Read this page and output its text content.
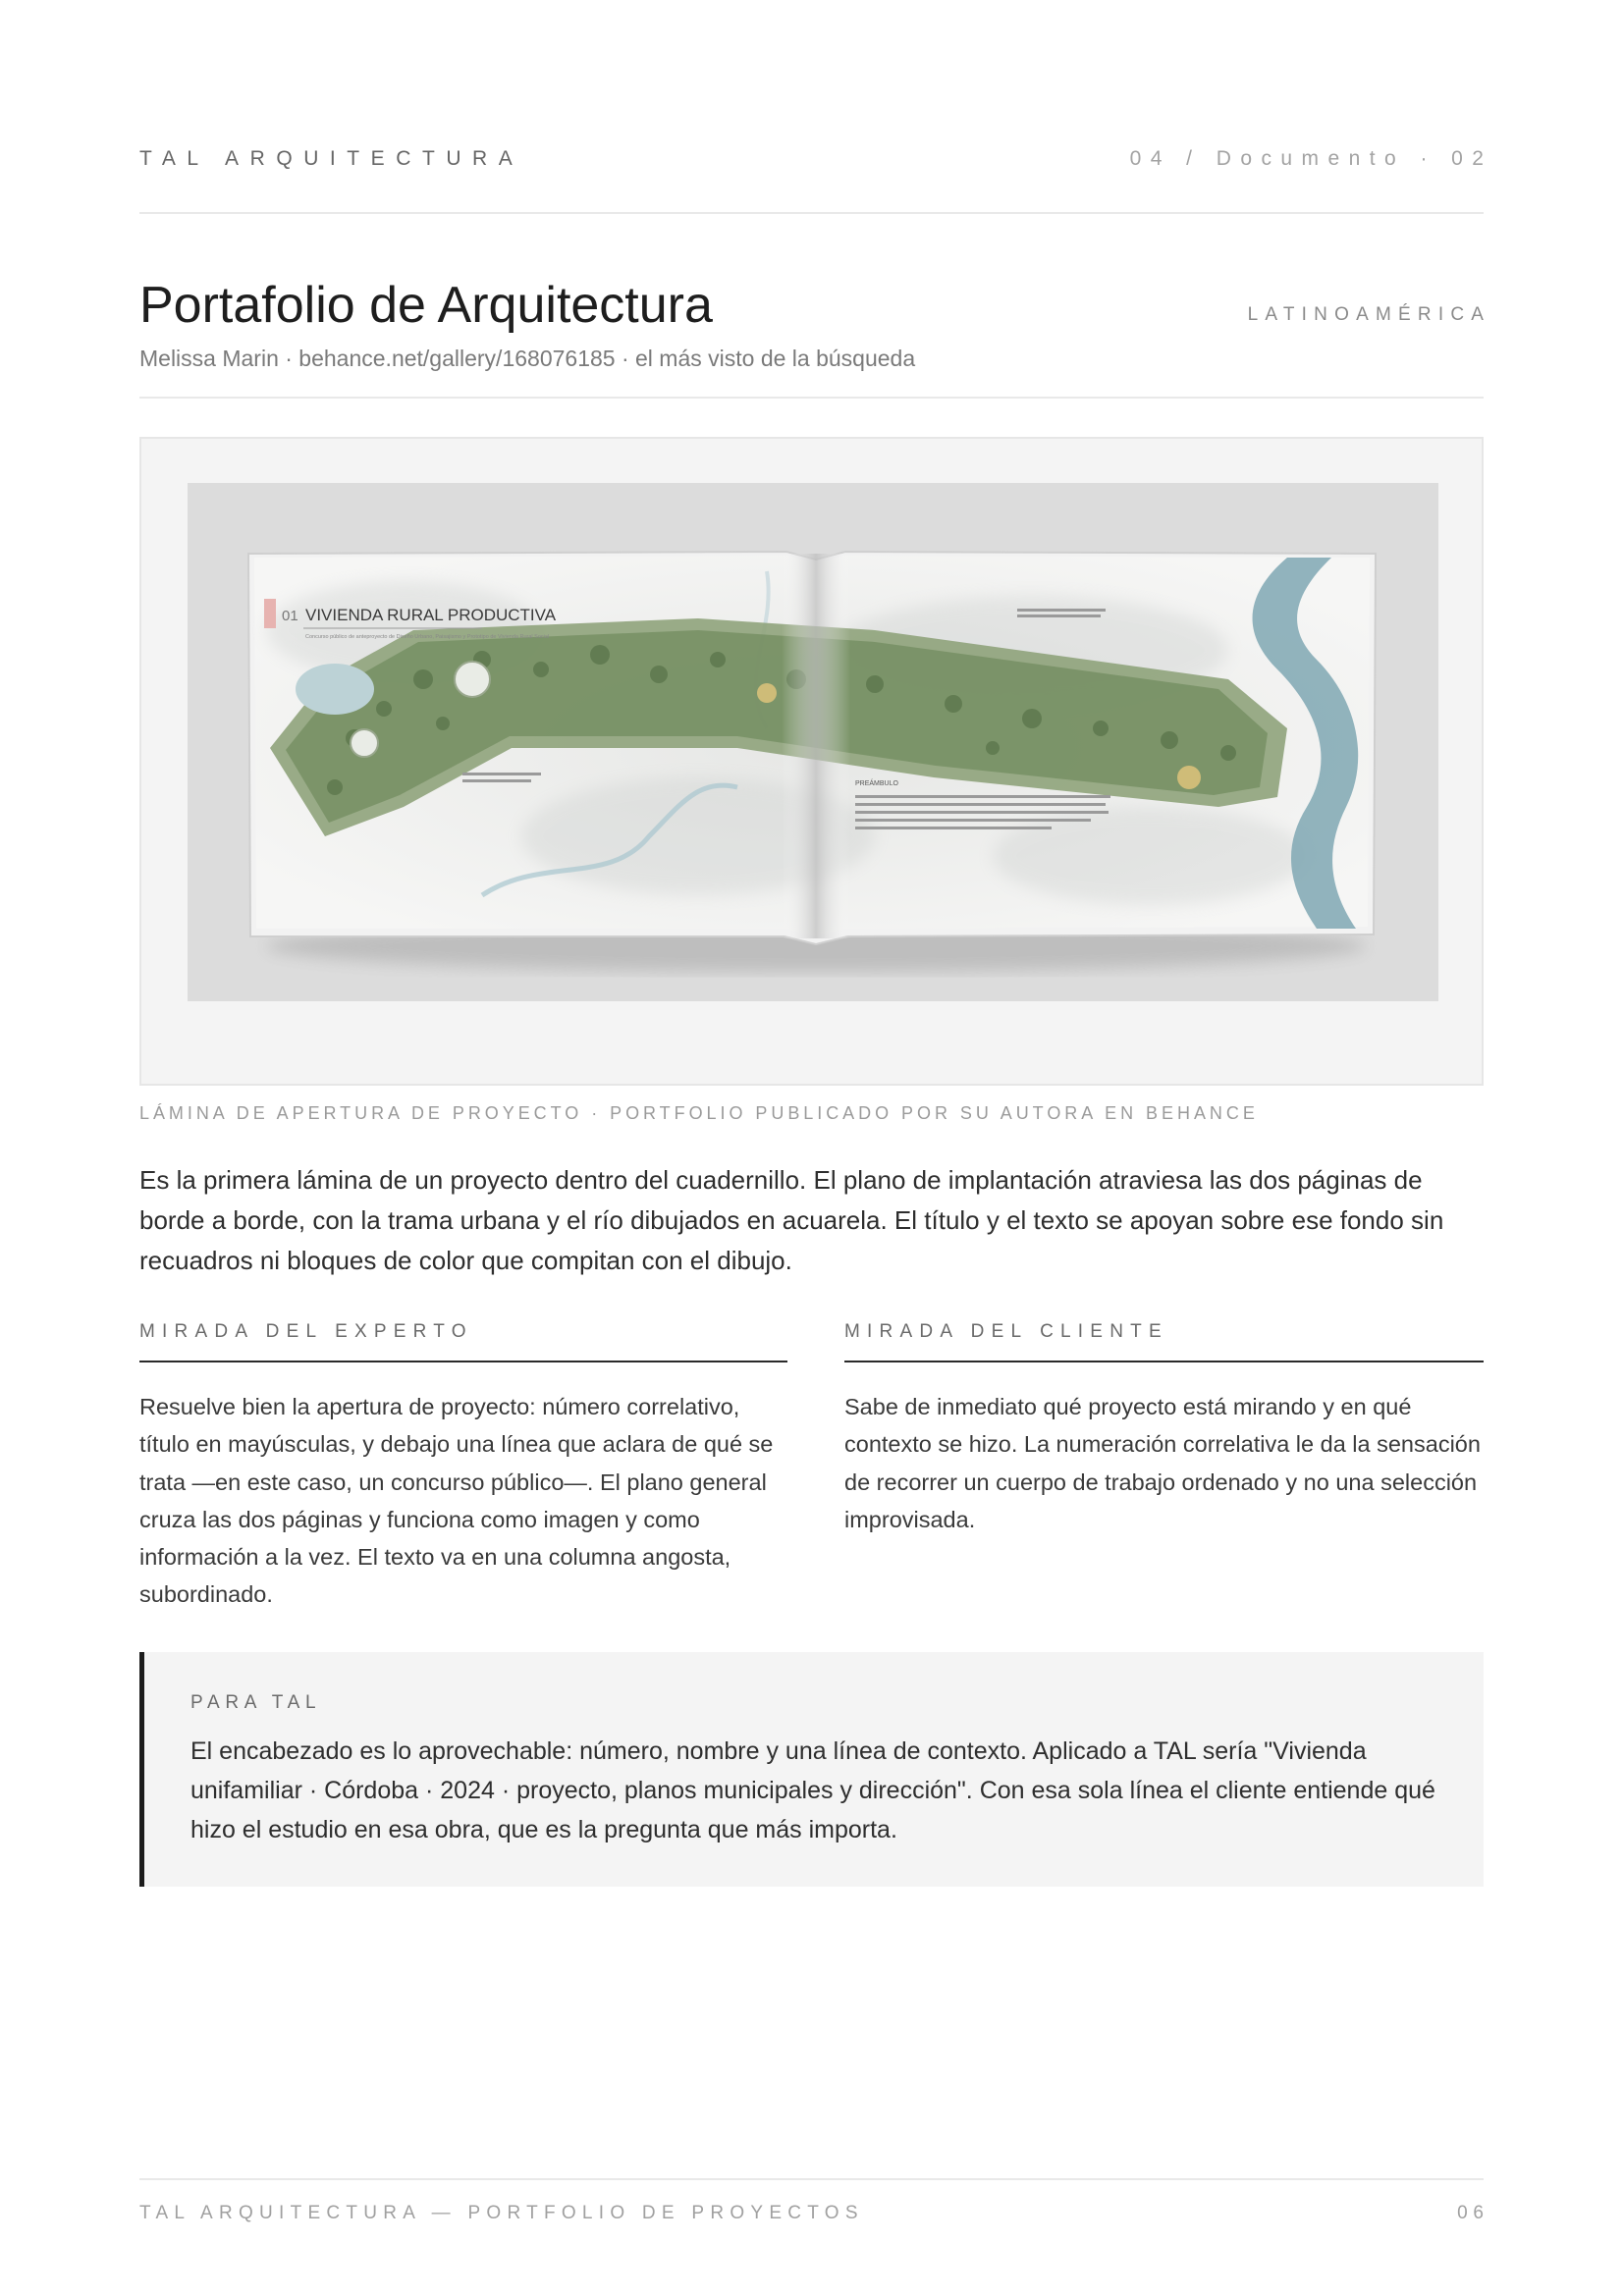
TAL ARQUITECTURA	04 / Documento · 02
Portafolio de Arquitectura	LATINOAMÉRICA
Melissa Marin · behance.net/gallery/168076185 · el más visto de la búsqueda
01 VIVIENDA RURAL PRODUCTIVA
Concurso público de anteproyecto de Diseño Urbano, Paisajismo y Prototipo de Vivienda Rural Social
PREÁMBULO
LÁMINA DE APERTURA DE PROYECTO · PORTFOLIO PUBLICADO POR SU AUTORA EN BEHANCE
Es la primera lámina de un proyecto dentro del cuadernillo. El plano de implantación atraviesa las dos páginas de borde a borde, con la trama urbana y el río dibujados en acuarela. El título y el texto se apoyan sobre ese fondo sin recuadros ni bloques de color que compitan con el dibujo.
MIRADA DEL EXPERTO
Resuelve bien la apertura de proyecto: número correlativo, título en mayúsculas, y debajo una línea que aclara de qué se trata —en este caso, un concurso público—. El plano general cruza las dos páginas y funciona como imagen y como información a la vez. El texto va en una columna angosta, subordinado.
MIRADA DEL CLIENTE
Sabe de inmediato qué proyecto está mirando y en qué contexto se hizo. La numeración correlativa le da la sensación de recorrer un cuerpo de trabajo ordenado y no una selección improvisada.
PARA TAL
El encabezado es lo aprovechable: número, nombre y una línea de contexto. Aplicado a TAL sería "Vivienda unifamiliar · Córdoba · 2024 · proyecto, planos municipales y dirección". Con esa sola línea el cliente entiende qué hizo el estudio en esa obra, que es la pregunta que más importa.
TAL ARQUITECTURA — PORTFOLIO DE PROYECTOS	06
